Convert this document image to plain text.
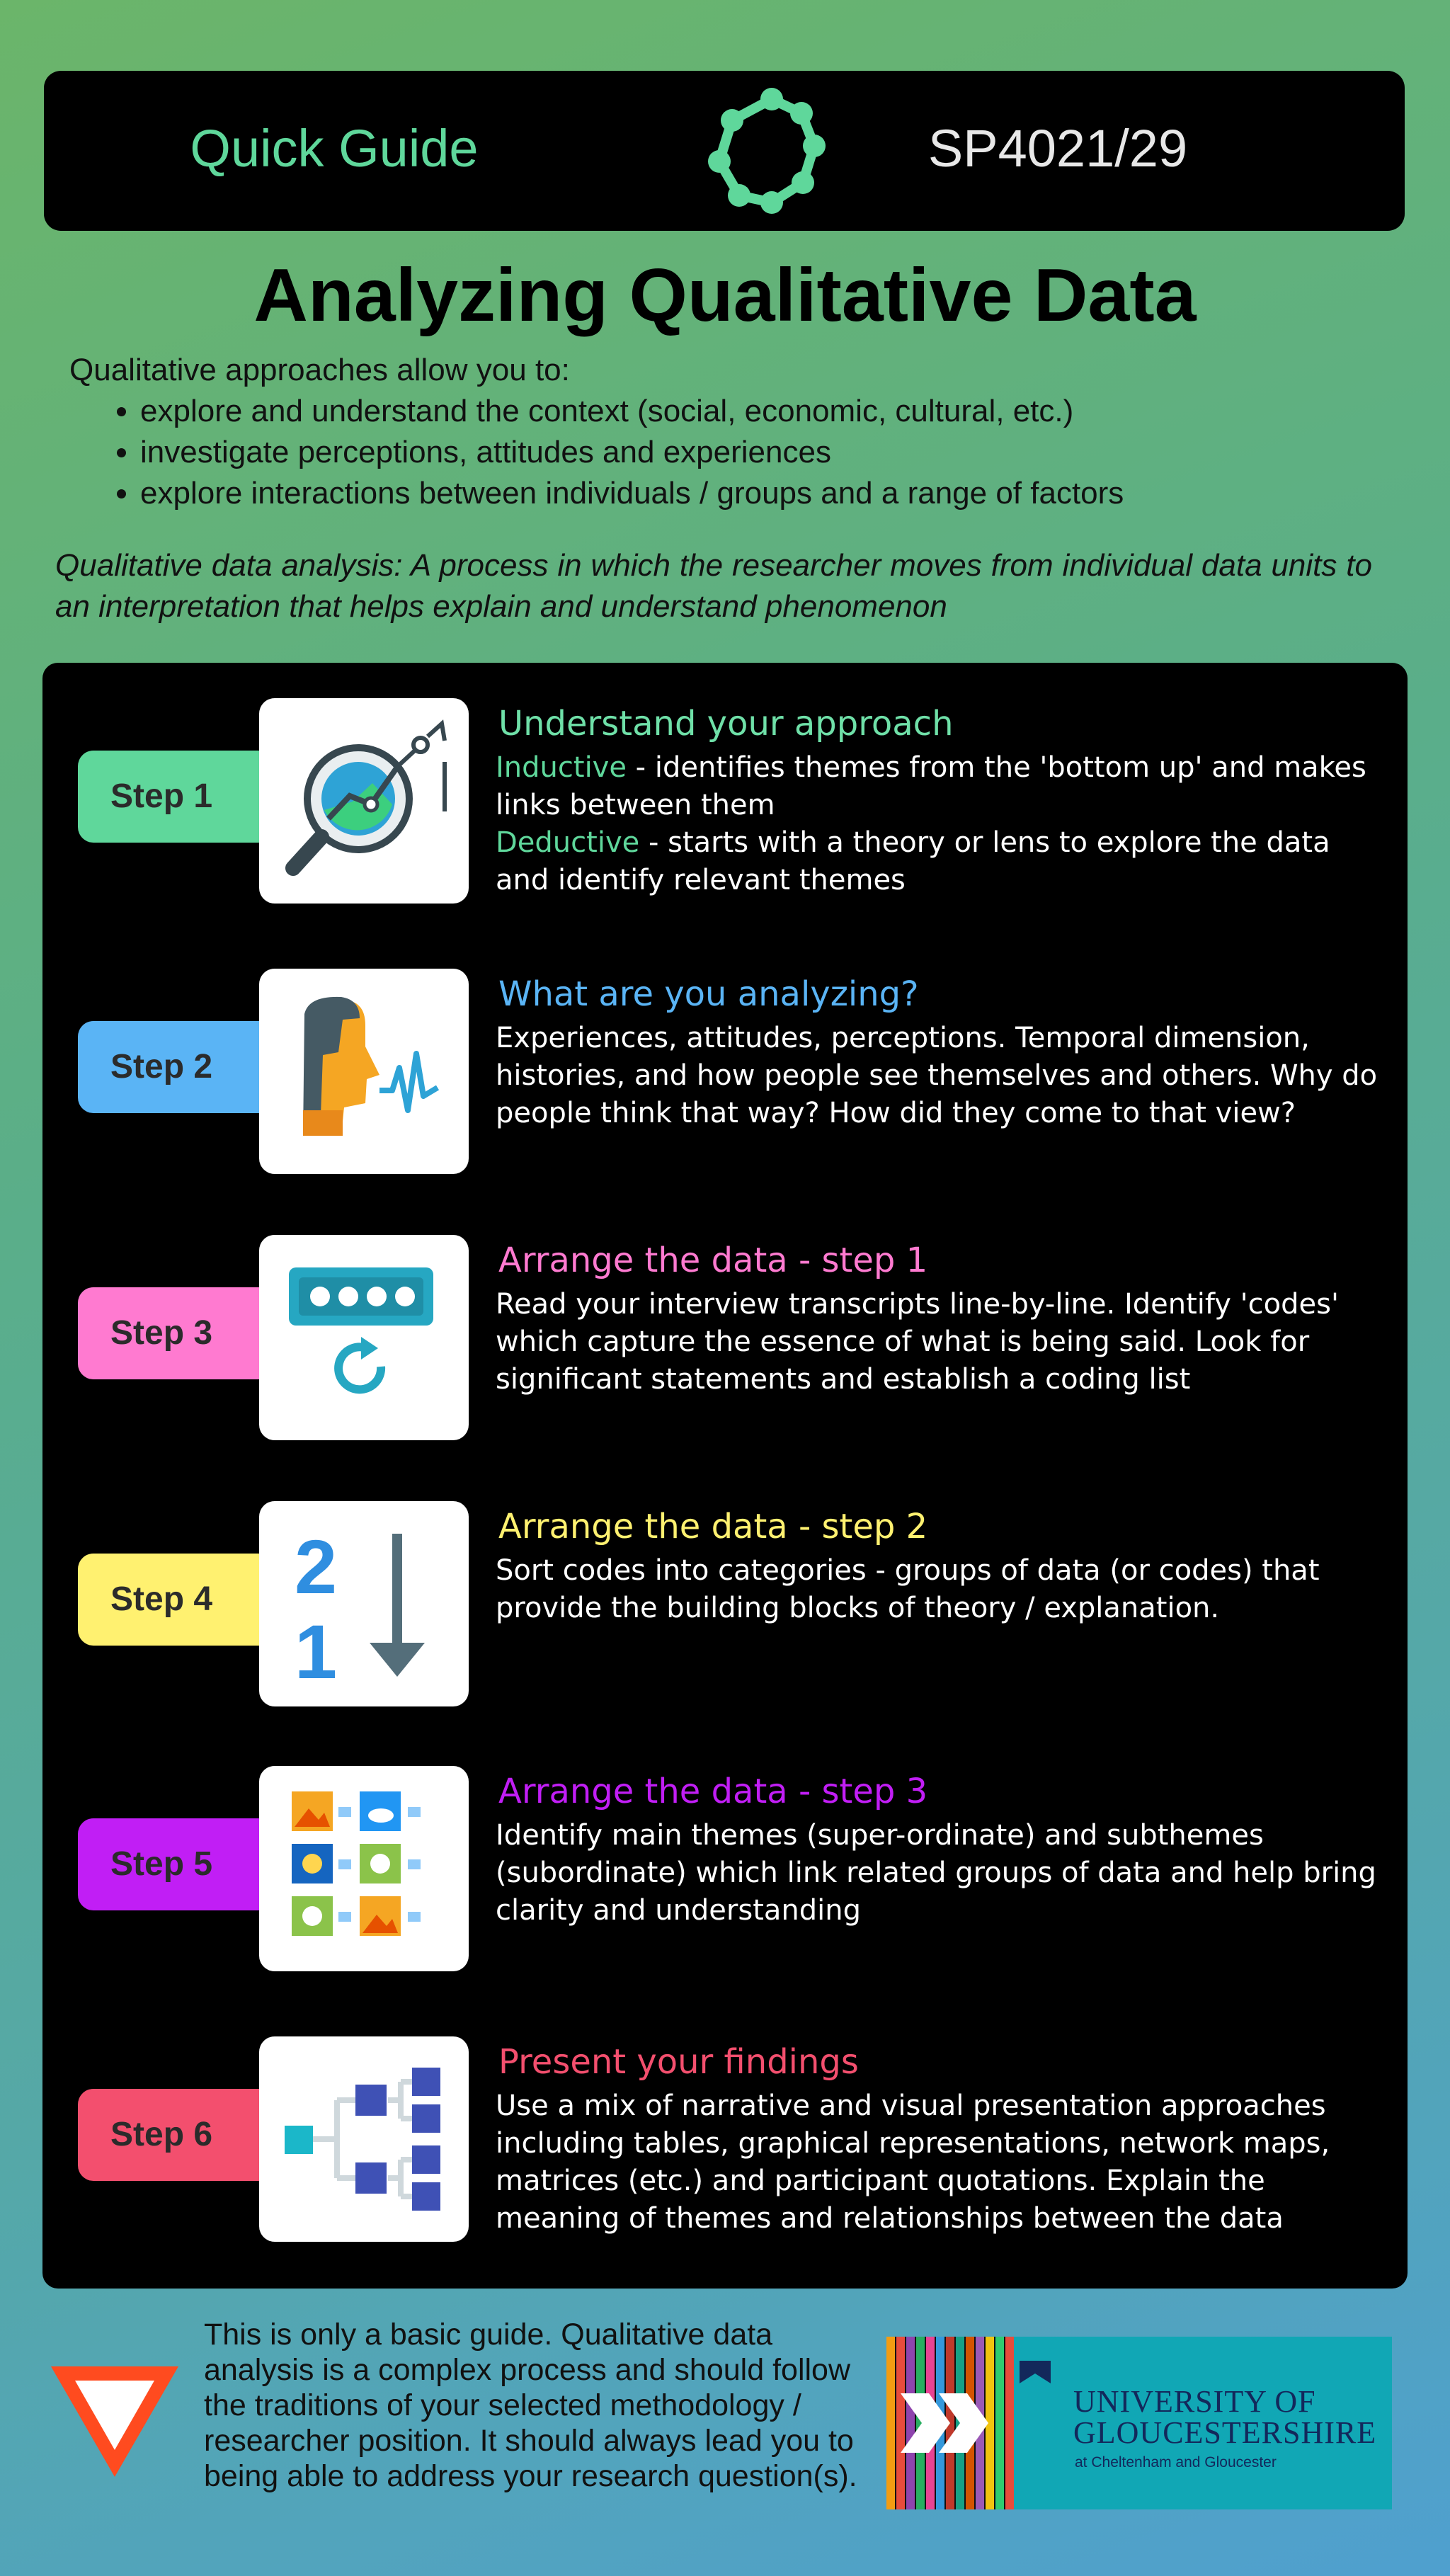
Quick Guide	SP4021/29
Analyzing Qualitative Data
Qualitative approaches allow you to:
• explore and understand the context (social, economic, cultural, etc.)
• investigate perceptions, attitudes and experiences
• explore interactions between individuals / groups and a range of factors
Qualitative data analysis: A process in which the researcher moves from individual data units to an interpretation that helps explain and understand phenomenon
Step 1
Understand your approach
Inductive - identifies themes from the 'bottom up' and makes links between them
Deductive - starts with a theory or lens to explore the data and identify relevant themes
Step 2
What are you analyzing?
Experiences, attitudes, perceptions. Temporal dimension, histories, and how people see themselves and others. Why do people think that way? How did they come to that view?
Step 3
Arrange the data - step 1
Read your interview transcripts line-by-line. Identify 'codes' which capture the essence of what is being said. Look for significant statements and establish a coding list
Step 4	2
1
Arrange the data - step 2
Sort codes into categories - groups of data (or codes) that provide the building blocks of theory / explanation.
Step 5
Arrange the data - step 3
Identify main themes (super-ordinate) and subthemes (subordinate) which link related groups of data and help bring clarity and understanding
Step 6
Present your findings
Use a mix of narrative and visual presentation approaches including tables, graphical representations, network maps, matrices (etc.) and participant quotations. Explain the meaning of themes and relationships between the data
This is only a basic guide. Qualitative data analysis is a complex process and should follow the traditions of your selected methodology / researcher position. It should always lead you to being able to address your research question(s).
UNIVERSITY OF GLOUCESTERSHIRE
at Cheltenham and Gloucester
